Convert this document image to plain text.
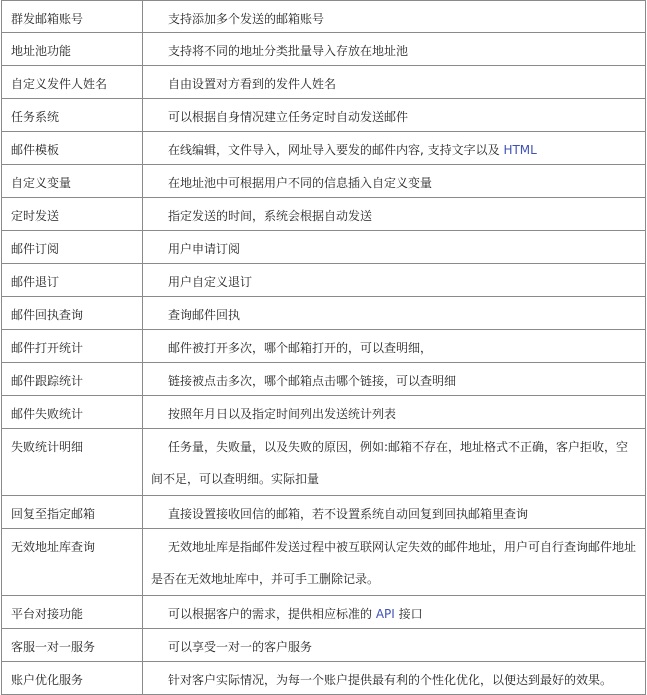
群发邮箱账号	支持添加多个发送的邮箱账号
地址池功能	支持将不同的地址分类批量导入存放在地址池
自定义发件人姓名	自由设置对方看到的发件人姓名
任务系统	可以根据自身情况建立任务定时自动发送邮件
邮件模板	在线编辑，文件导入，网址导入要发的邮件内容, 支持文字以及 HTML
自定义变量	在地址池中可根据用户不同的信息插入自定义变量
定时发送	指定发送的时间，系统会根据自动发送
邮件订阅	用户申请订阅
邮件退订	用户自定义退订
邮件回执查询	查询邮件回执
邮件打开统计	邮件被打开多次，哪个邮箱打开的，可以查明细，
邮件跟踪统计	链接被点击多次，哪个邮箱点击哪个链接，可以查明细
邮件失败统计	按照年月日以及指定时间列出发送统计列表
失败统计明细	任务量，失败量，以及失败的原因，例如:邮箱不存在，地址格式不正确，客户拒收，空间不足，可以查明细。实际扣量
回复至指定邮箱	直接设置接收回信的邮箱，若不设置系统自动回复到回执邮箱里查询
无效地址库查询	无效地址库是指邮件发送过程中被互联网认定失效的邮件地址，用户可自行查询邮件地址是否在无效地址库中，并可手工删除记录。
平台对接功能	可以根据客户的需求，提供相应标准的 API 接口
客服一对一服务	可以享受一对一的客户服务
账户优化服务	针对客户实际情况，为每一个账户提供最有利的个性化优化，以便达到最好的效果。
